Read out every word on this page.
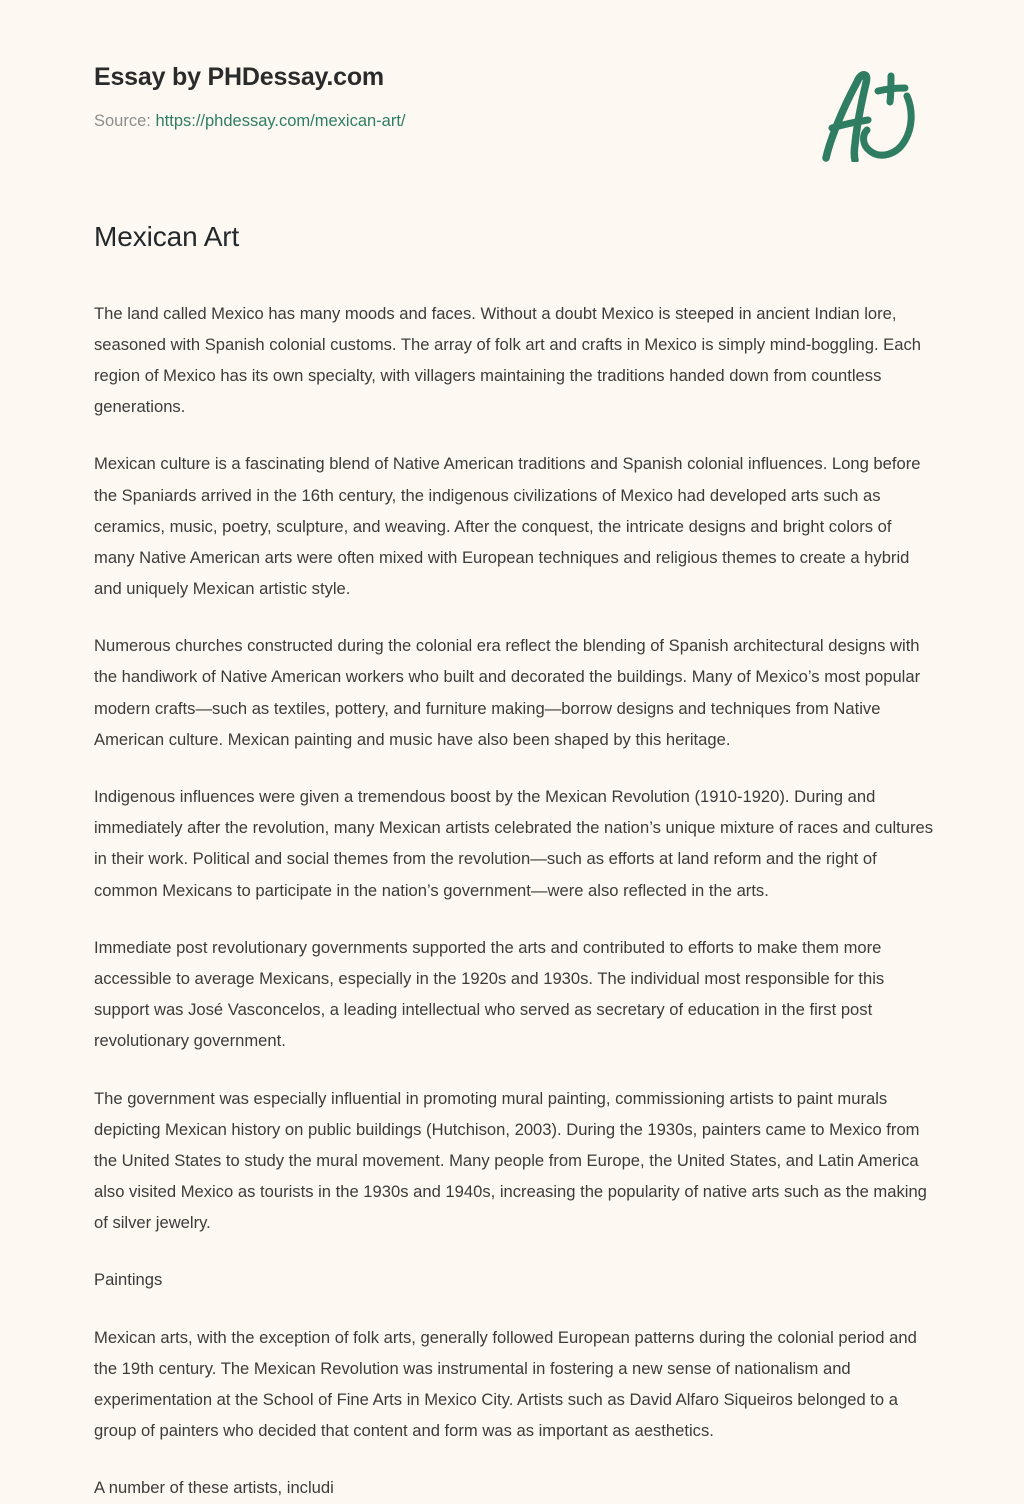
Essay by PHDessay.com
Source: https://phdessay.com/mexican-art/
Mexican Art

The land called Mexico has many moods and faces. Without a doubt Mexico is steeped in ancient Indian lore, seasoned with Spanish colonial customs. The array of folk art and crafts in Mexico is simply mind-boggling. Each region of Mexico has its own specialty, with villagers maintaining the traditions handed down from countless generations.

Mexican culture is a fascinating blend of Native American traditions and Spanish colonial influences. Long before the Spaniards arrived in the 16th century, the indigenous civilizations of Mexico had developed arts such as ceramics, music, poetry, sculpture, and weaving. After the conquest, the intricate designs and bright colors of many Native American arts were often mixed with European techniques and religious themes to create a hybrid and uniquely Mexican artistic style.

Numerous churches constructed during the colonial era reflect the blending of Spanish architectural designs with the handiwork of Native American workers who built and decorated the buildings. Many of Mexico’s most popular modern crafts—such as textiles, pottery, and furniture making—borrow designs and techniques from Native American culture. Mexican painting and music have also been shaped by this heritage.

Indigenous influences were given a tremendous boost by the Mexican Revolution (1910-1920). During and immediately after the revolution, many Mexican artists celebrated the nation’s unique mixture of races and cultures in their work. Political and social themes from the revolution—such as efforts at land reform and the right of common Mexicans to participate in the nation’s government—were also reflected in the arts.

Immediate post revolutionary governments supported the arts and contributed to efforts to make them more accessible to average Mexicans, especially in the 1920s and 1930s. The individual most responsible for this support was José Vasconcelos, a leading intellectual who served as secretary of education in the first post revolutionary government.

The government was especially influential in promoting mural painting, commissioning artists to paint murals depicting Mexican history on public buildings (Hutchison, 2003). During the 1930s, painters came to Mexico from the United States to study the mural movement. Many people from Europe, the United States, and Latin America also visited Mexico as tourists in the 1930s and 1940s, increasing the popularity of native arts such as the making of silver jewelry.

Paintings

Mexican arts, with the exception of folk arts, generally followed European patterns during the colonial period and the 19th century. The Mexican Revolution was instrumental in fostering a new sense of nationalism and experimentation at the School of Fine Arts in Mexico City. Artists such as David Alfaro Siqueiros belonged to a group of painters who decided that content and form was as important as aesthetics.

A number of these artists, includi
